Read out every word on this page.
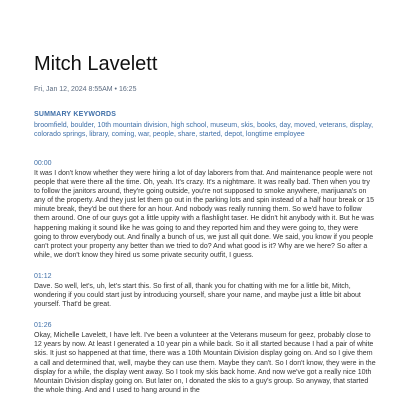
Mitch Lavelett
Fri, Jan 12, 2024 8:55AM • 16:25
SUMMARY KEYWORDS
broomfield, boulder, 10th mountain division, high school, museum, skis, books, day, moved, veterans, display, colorado springs, library, coming, war, people, share, started, depot, longtime employee
00:00

It was I don't know whether they were hiring a lot of day laborers from that. And maintenance people were not people that were there all the time. Oh, yeah. It's crazy. It's a nightmare. It was really bad. Then when you try to follow the janitors around, they're going outside, you're not supposed to smoke anywhere, marijuana's on any of the property. And they just let them go out in the parking lots and spin instead of a half hour break or 15 minute break, they'd be out there for an hour. And nobody was really running them. So we'd have to follow them around. One of our guys got a little uppity with a flashlight taser. He didn't hit anybody with it. But he was happening making it sound like he was going to and they reported him and they were going to, they were going to throw everybody out. And finally a bunch of us, we just all quit done. We said, you know if you people can't protect your property any better than we tried to do? And what good is it? Why are we here? So after a while, we don't know they hired us some private security outfit, I guess.

01:12

Dave. So well, let's, uh, let's start this. So first of all, thank you for chatting with me for a little bit, Mitch, wondering if you could start just by introducing yourself, share your name, and maybe just a little bit about yourself. That'd be great.

01:26

Okay, Michelle Lavelett, I have left. I've been a volunteer at the Veterans museum for geez, probably close to 12 years by now. At least I generated a 10 year pin a while back. So it all started because I had a pair of white skis. It just so happened at that time, there was a 10th Mountain Division display going on. And so I give them a call and determined that, well, maybe they can use them. Maybe they can't. So I don't know, they were in the display for a while, the display went away. So I took my skis back home. And now we've got a really nice 10th Mountain Division display going on. But later on, I donated the skis to a guy's group. So anyway, that started the whole thing. And and I used to hang around in the
